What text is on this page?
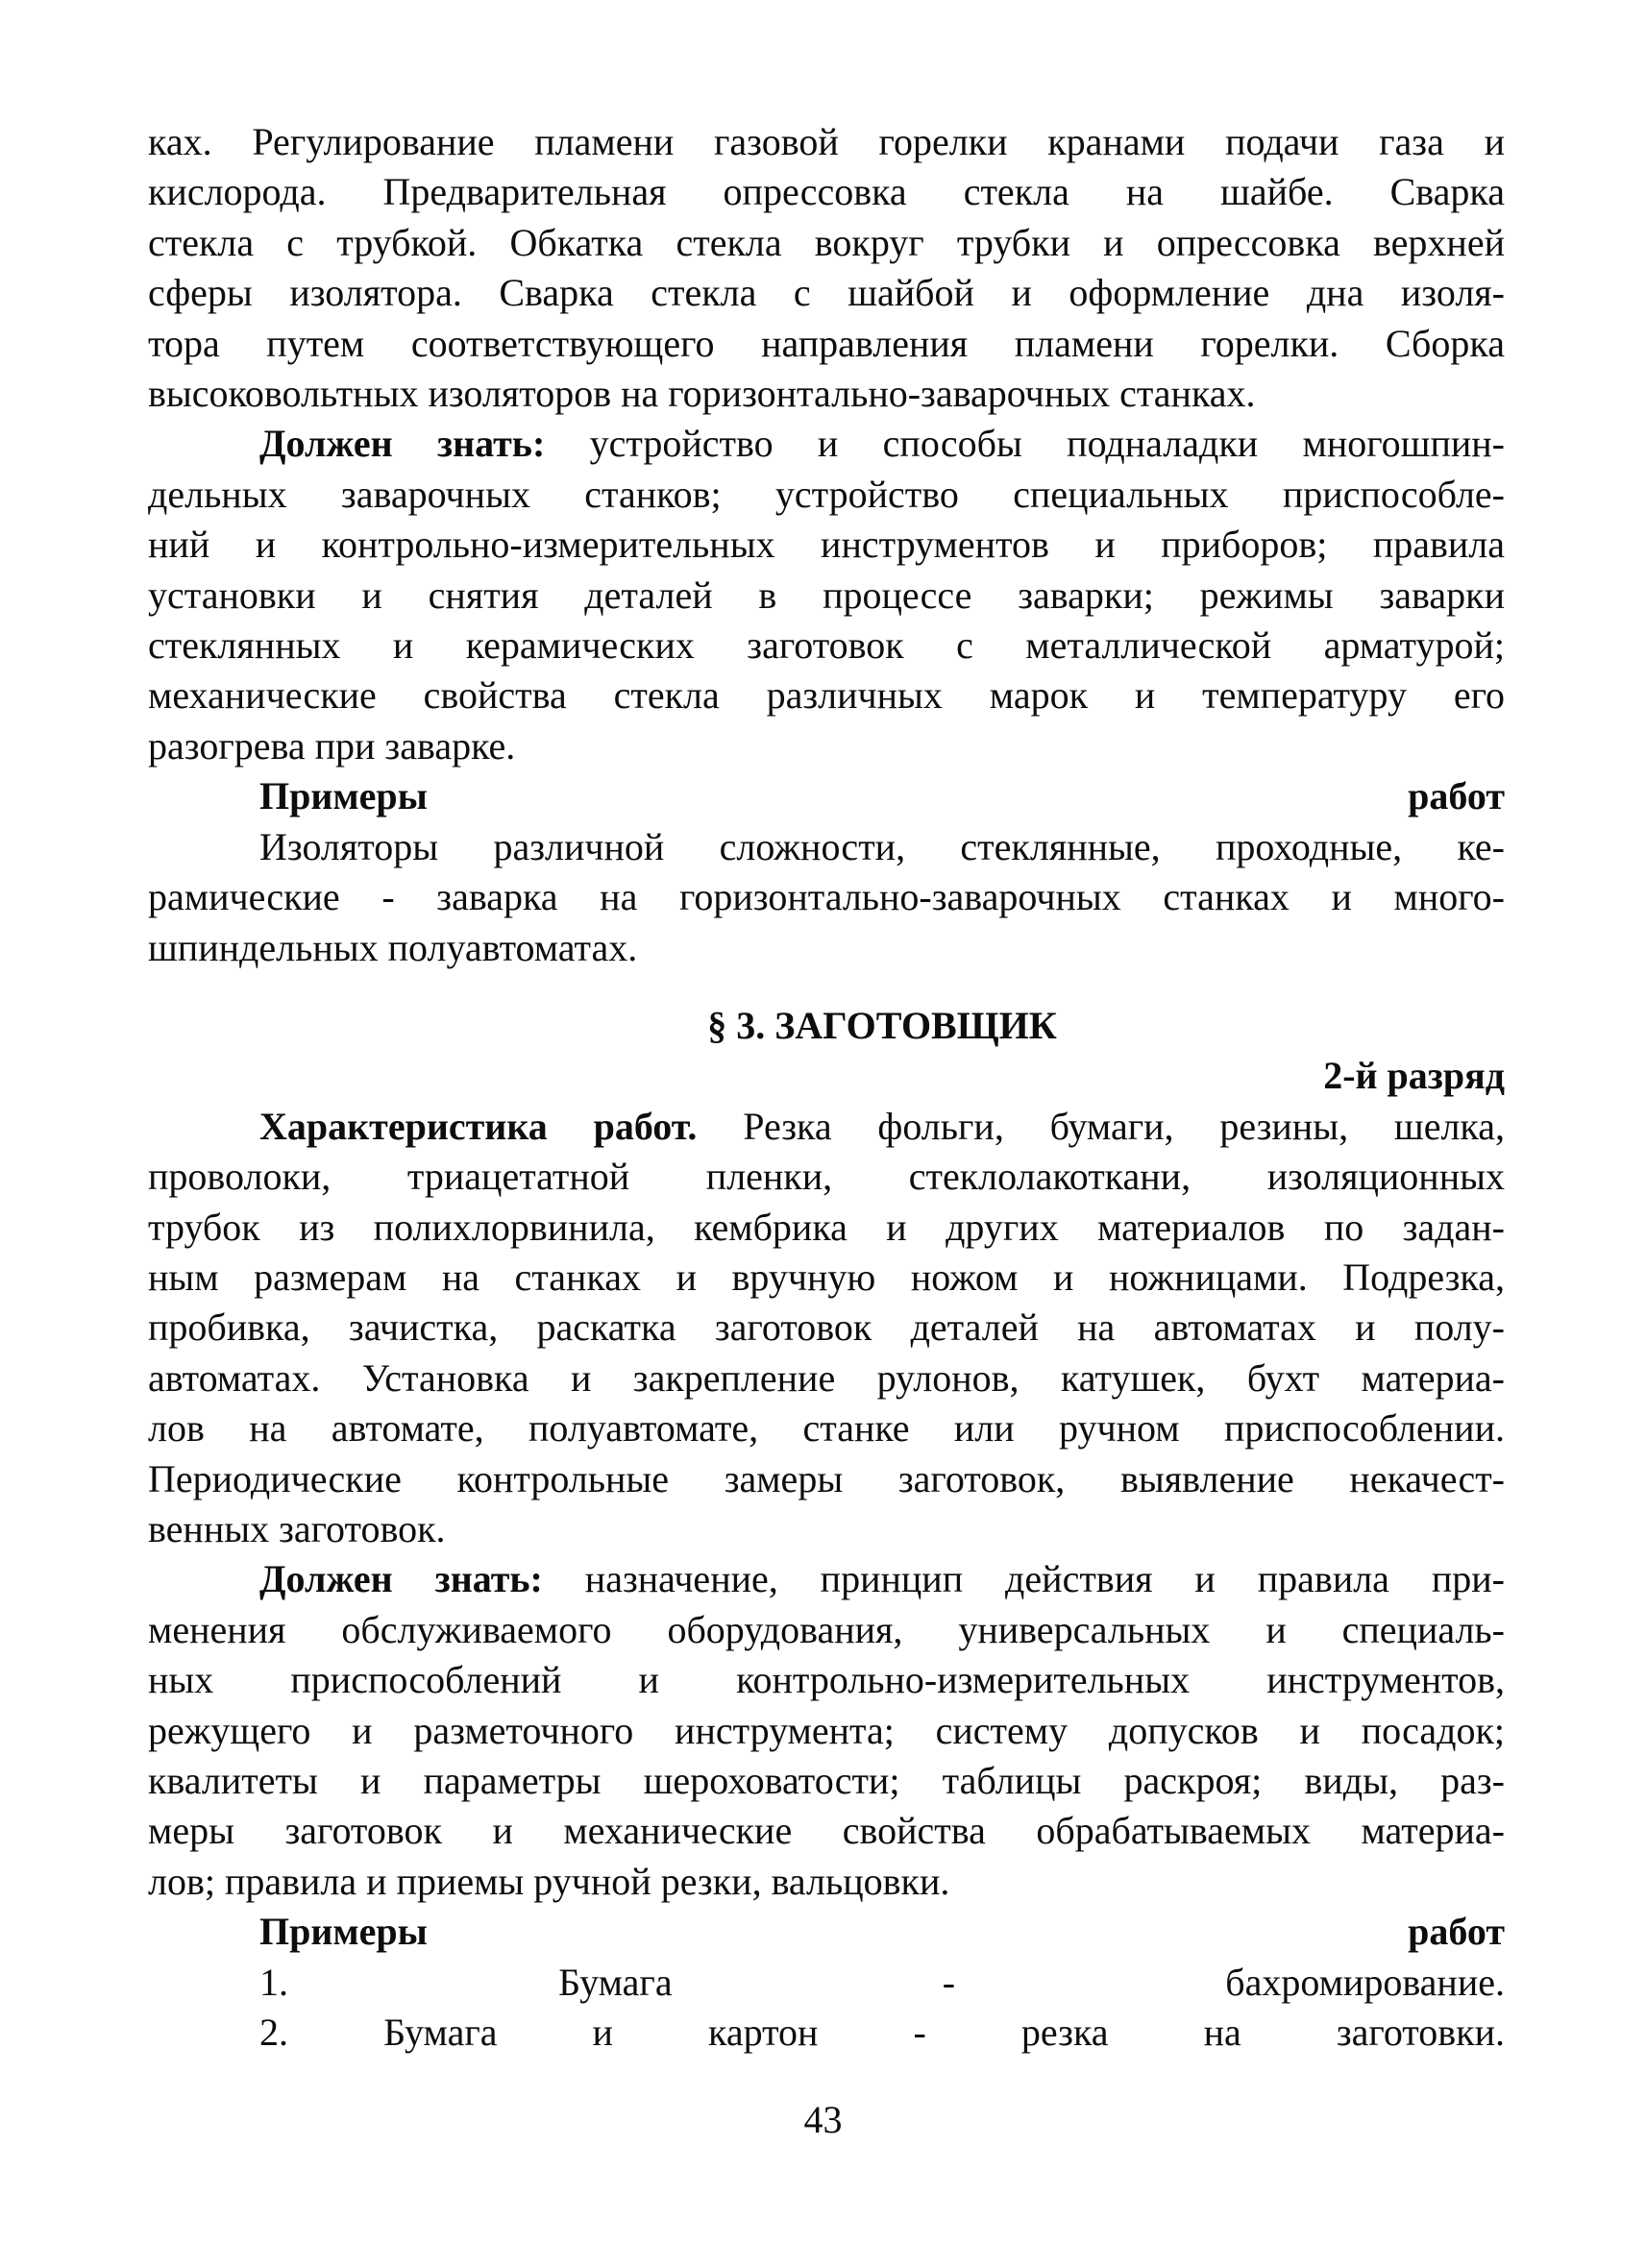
ках. Регулирование пламени газовой горелки кранами подачи газа и

кислорода. Предварительная опрессовка стекла на шайбе. Сварка

стекла с трубкой. Обкатка стекла вокруг трубки и опрессовка верхней

сферы изолятора. Сварка стекла с шайбой и оформление дна изоля-

тора путем соответствующего направления пламени горелки. Сборка

высоковольтных изоляторов на горизонтально-заварочных станках.

Должен знать: устройство и способы подналадки многошпин-

дельных заварочных станков; устройство специальных приспособле-

ний и контрольно-измерительных инструментов и приборов; правила

установки и снятия деталей в процессе заварки; режимы заварки

стеклянных и керамических заготовок с металлической арматурой;

механические свойства стекла различных марок и температуру его

разогрева при заварке.

Примеры работ

Изоляторы различной сложности, стеклянные, проходные, ке-

рамические - заварка на горизонтально-заварочных станках и много-

шпиндельных полуавтоматах.

§ 3. ЗАГОТОВЩИК
2-й разряд

Характеристика работ. Резка фольги, бумаги, резины, шелка,

проволоки, триацетатной пленки, стеклолакоткани, изоляционных

трубок из полихлорвинила, кембрика и других материалов по задан-

ным размерам на станках и вручную ножом и ножницами. Подрезка,

пробивка, зачистка, раскатка заготовок деталей на автоматах и полу-

автоматах. Установка и закрепление рулонов, катушек, бухт материа-

лов на автомате, полуавтомате, станке или ручном приспособлении.

Периодические контрольные замеры заготовок, выявление некачест-

венных заготовок.

Должен знать: назначение, принцип действия и правила при-

менения обслуживаемого оборудования, универсальных и специаль-

ных приспособлений и контрольно-измерительных инструментов,

режущего и разметочного инструмента; систему допусков и посадок;

квалитеты и параметры шероховатости; таблицы раскроя; виды, раз-

меры заготовок и механические свойства обрабатываемых материа-

лов; правила и приемы ручной резки, вальцовки.

Примеры работ

1. Бумага - бахромирование.

2. Бумага и картон - резка на заготовки.

43
